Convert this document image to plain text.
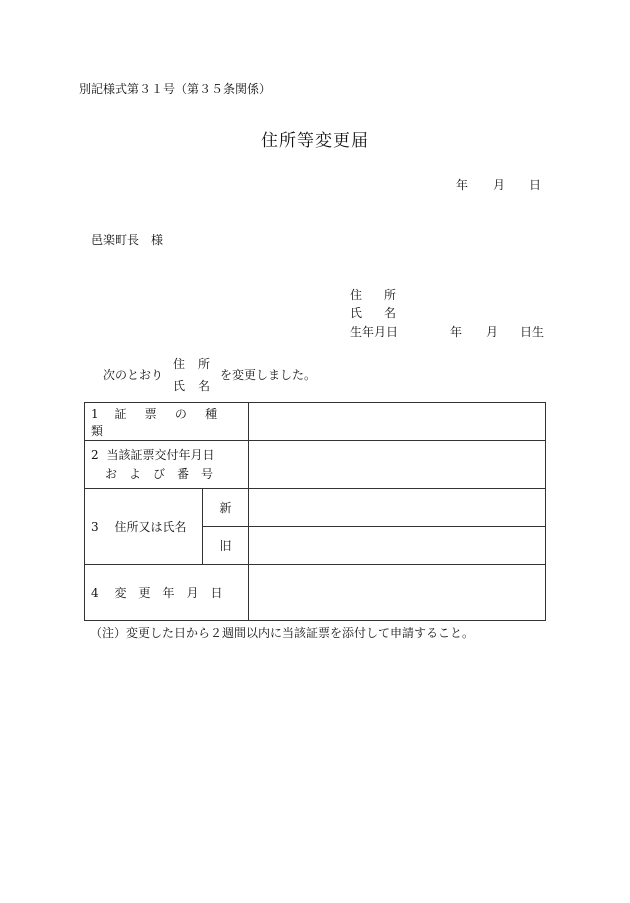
別記様式第３１号（第３５条関係）
住所等変更届
年 月 日
邑楽町長　様
住 所
氏 名
生年月日	年 月 日生
次のとおり
住 所
氏 名
を変更しました。
1 証 票 の 種 類		
2 当該証票交付年月日
お　よ　び　番　号		
3 住所又は氏名	新	
	旧	
4 変　更　年　月　日		
（注）変更した日から２週間以内に当該証票を添付して申請すること。
